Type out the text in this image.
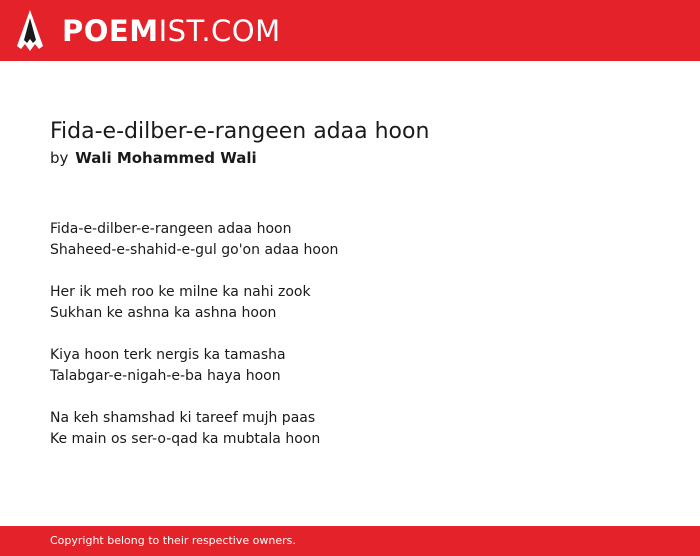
POEMIST.COM
Fida-e-dilber-e-rangeen adaa hoon
by Wali Mohammed Wali
Fida-e-dilber-e-rangeen adaa hoon
Shaheed-e-shahid-e-gul go'on adaa hoon
Her ik meh roo ke milne ka nahi zook
Sukhan ke ashna ka ashna hoon
Kiya hoon terk nergis ka tamasha
Talabgar-e-nigah-e-ba haya hoon
Na keh shamshad ki tareef mujh paas
Ke main os ser-o-qad ka mubtala hoon
Copyright belong to their respective owners.
